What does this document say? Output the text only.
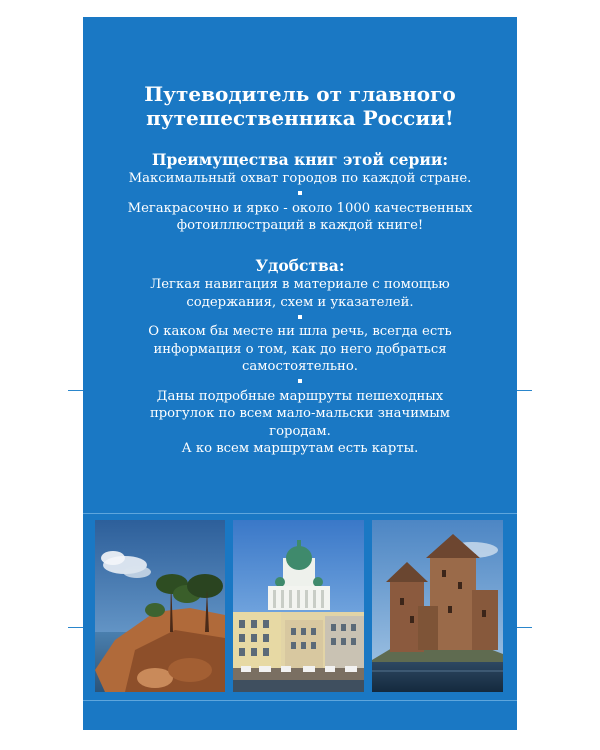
Путеводитель от главного
путешественника России!
Преимущества книг этой серии:
Максимальный охват городов по каждой стране.
Мегакрасочно и ярко - около 1000 качественных
фотоиллюстраций в каждой книге!
Удобства:
Легкая навигация в материале с помощью
содержания, схем и указателей.
О каком бы месте ни шла речь, всегда есть
информация о том, как до него добраться
самостоятельно.
Даны подробные маршруты пешеходных
прогулок по всем мало-мальски значимым
городам.
А ко всем маршрутам есть карты.
